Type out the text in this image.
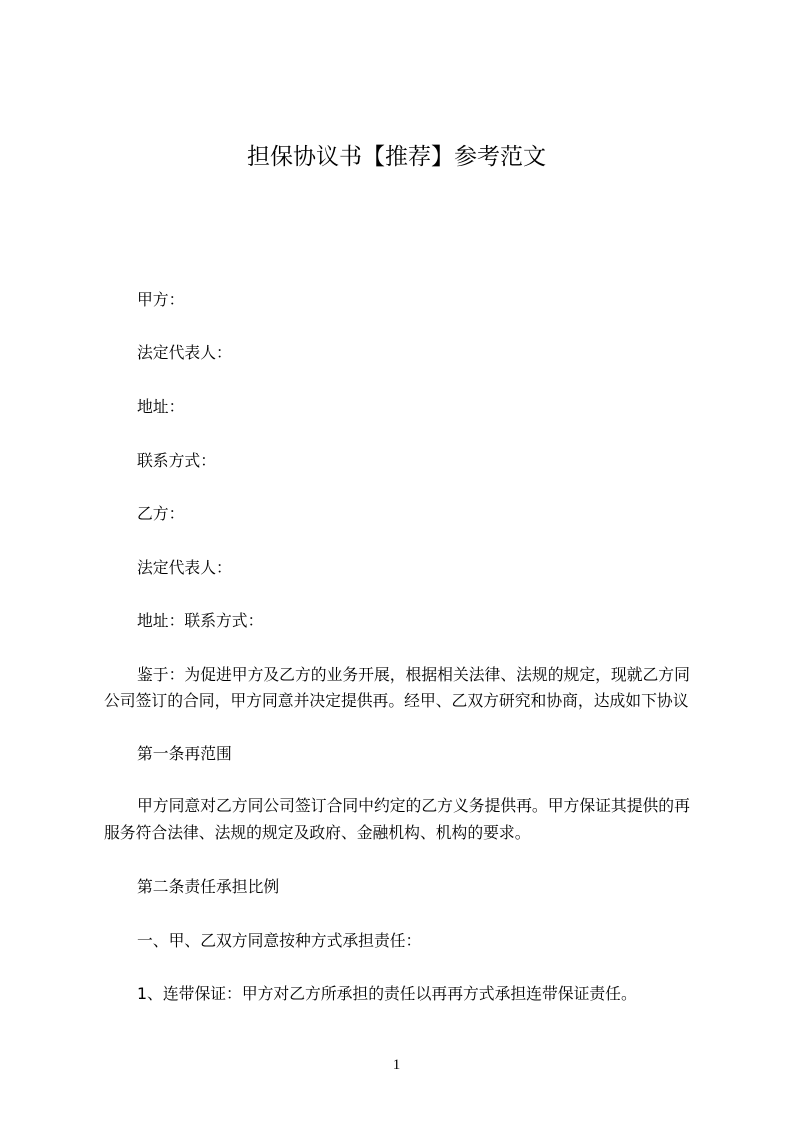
担保协议书【推荐】参考范文
甲方：
法定代表人：
地址：
联系方式：
乙方：
法定代表人：
地址：联系方式：
鉴于：为促进甲方及乙方的业务开展，根据相关法律、法规的规定，现就乙方同
公司签订的合同，甲方同意并决定提供再。经甲、乙双方研究和协商，达成如下协议
第一条再范围
甲方同意对乙方同公司签订合同中约定的乙方义务提供再。甲方保证其提供的再
服务符合法律、法规的规定及政府、金融机构、机构的要求。
第二条责任承担比例
一、甲、乙双方同意按种方式承担责任：
1、连带保证：甲方对乙方所承担的责任以再再方式承担连带保证责任。
1
